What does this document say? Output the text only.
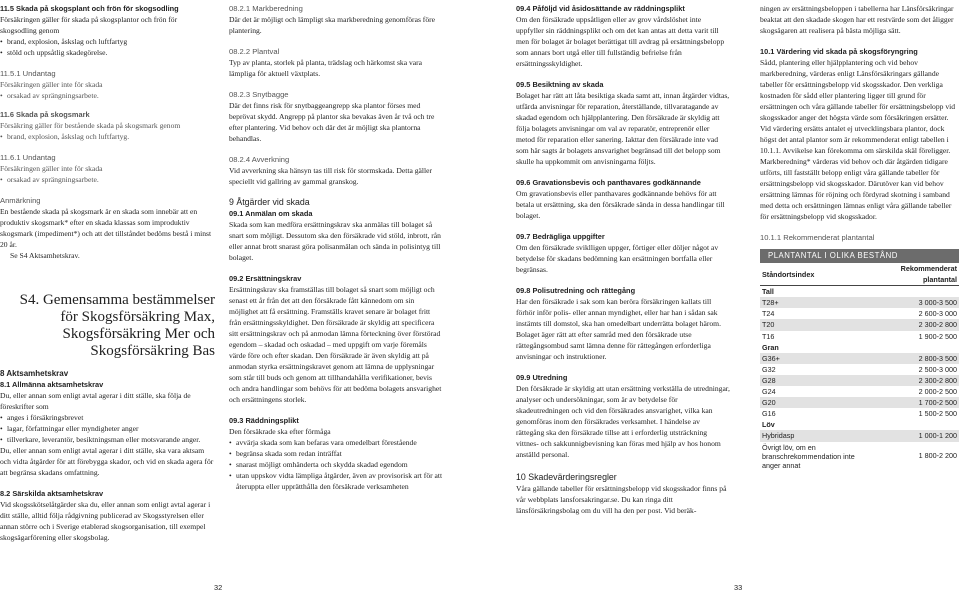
11.5 Skada på skogsplant och frön för skogsodling

Försäkringen gäller för skada på skogsplantor och frön för skogsodling genom

• brand, explosion, åskslag och luftfartyg
• stöld och uppsåtlig skadegörelse.
11.5.1 Undantag

Försäkringen gäller inte för skada

• orsakad av sprängningsarbete.
11.6 Skada på skogsmark

Försäkring gäller för bestående skada på skogsmark genom

• brand, explosion, åskslag och luftfartyg.
11.6.1 Undantag

Försäkringen gäller inte för skada

• orsakad av sprängningsarbete.
Anmärkning

En bestående skada på skogsmark är en skada som innebär att en produktiv skogsmark* efter en skada klassas som improduktiv skogsmark (impediment*) och att det tillståndet bedöms bestå i minst 20 år.

Se S4 Aktsamhetskrav.

S4. Gemensamma bestämmelser för Skogsförsäkring Max, Skogsförsäkring Mer och Skogsförsäkring Bas
8 Aktsamhetskrav
8.1 Allmänna aktsamhetskrav

Du, eller annan som enligt avtal agerar i ditt ställe, ska följa de föreskrifter som

• anges i försäkringsbrevet
• lagar, författningar eller myndigheter anger
• tillverkare, leverantör, besiktningsman eller motsvarande anger.

Du, eller annan som enligt avtal agerar i ditt ställe, ska vara aktsam och vidta åtgärder för att förebygga skador, och vid en skada agera för att begränsa skadans omfattning.

8.2 Särskilda aktsamhetskrav

Vid skogsskötselåtgärder ska du, eller annan som enligt avtal agerar i ditt ställe, alltid följa rådgivning publicerad av Skogsstyrelsen eller annan större och i Sverige etablerad skogsorganisation, till exempel skogsägarförening eller skogsbolag.

08.2.1 Markberedning

Där det är möjligt och lämpligt ska markberedning genomföras före plantering.

08.2.2 Plantval

Typ av planta, storlek på planta, trädslag och härkomst ska vara lämpliga för aktuell växtplats.

08.2.3 Snytbagge

Där det finns risk för snytbaggeangrepp ska plantor förses med beprövat skydd. Angrepp på plantor ska bevakas även år två och tre efter plantering. Vid behov och där det är möjligt ska plantorna behandlas.

08.2.4 Avverkning

Vid avverkning ska hänsyn tas till risk för stormskada. Detta gäller speciellt vid gallring av gammal granskog.

9 Åtgärder vid skada
09.1 Anmälan om skada

Skada som kan medföra ersättningskrav ska anmälas till bolaget så snart som möjligt. Dessutom ska den försäkrade vid stöld, inbrott, rån eller annat brott snarast göra polisanmälan och sända in polisintyg till bolaget.

09.2 Ersättningskrav

Ersättningskrav ska framställas till bolaget så snart som möjligt och senast ett år från det att den försäkrade fått kännedom om sin möjlighet att få ersättning. Framställs kravet senare är bolaget fritt från ersättningsskyldighet. Den försäkrade är skyldig att specificera sitt ersättningskrav och på anmodan lämna förteckning över förstörad egendom – skadad och oskadad – med uppgift om varje föremåls värde före och efter skadan. Den försäkrade är även skyldig att på anmodan styrka ersättningskravet genom att lämna de upplysningar som står till buds och genom att tillhandahålla verifikationer, bevis och andra handlingar som behövs för att bedöma bolagets ansvarighet och ersättningens storlek.

09.3 Räddningsplikt

Den försäkrade ska efter förmåga

• avvärja skada som kan befaras vara omedelbart förestående
• begränsa skada som redan inträffat
• snarast möjligt omhänderta och skydda skadad egendom
• utan uppskov vidta lämpliga åtgärder, även av provisorisk art för att återuppta eller upprätthålla den försäkrade verksamheten
09.4 Påföljd vid åsidosättande av räddningsplikt

Om den försäkrade uppsåtligen eller av grov vårdslöshet inte uppfyller sin räddningsplikt och om det kan antas att detta varit till men för bolaget är bolaget berättigat till avdrag på ersättningsbelopp som annars bort utgå eller till fullständig befrielse från ersättningsskyldighet.

09.5 Besiktning av skada

Bolaget har rätt att låta besiktiga skada samt att, innan åtgärder vidtas, utfärda anvisningar för reparation, återställande, tillvaratagande av skadad egendom och hjälpplantering. Den försäkrade är skyldig att följa bolagets anvisningar om val av reparatör, entreprenör eller metod för reparation eller sanering. Iakttar den försäkrade inte vad som här sagts är bolagets ansvarighet begränsad till det belopp som skulle ha uppkommit om anvisningarna följts.

09.6 Gravationsbevis och panthavares godkännande

Om gravationsbevis eller panthavares godkännande behövs för att betala ut ersättning, ska den försäkrade sända in dessa handlingar till bolaget.

09.7 Bedrägliga uppgifter

Om den försäkrade sviklligen uppger, förtiger eller döljer något av betydelse för skadans bedömning kan ersättningen bortfalla eller begränsas.

09.8 Polisutredning och rättegång

Har den försäkrade i sak som kan beröra försäkringen kallats till förhör inför polis- eller annan myndighet, eller har han i sådan sak instämts till domstol, ska han omedelbart underrätta bolaget härom. Bolaget äger rätt att efter samråd med den försäkrade utse rättegångsombud samt lämna denne för rättegången erforderliga anvisningar och instruktioner.

09.9 Utredning

Den försäkrade är skyldig att utan ersättning verkställa de utredningar, analyser och undersökningar, som är av betydelse för skadeutredningen och vid den försäkrades ansvarighet, vilka kan genomföras inom den försäkrades verksamhet. I händelse av rättegång ska den försäkrade tillse att i erforderlig utsträckning vittnes- och sakkunnigbevisning kan föras med hjälp av hos honom anställd personal.

10 Skadevärderingsregler

Våra gällande tabeller för ersättningsbelopp vid skogsskador finns på vår webbplats lansforsakringar.se. Du kan ringa ditt länsförsäkringsbolag om du vill ha den per post. Vid beräk-

ningen av ersättningsbeloppen i tabellerna har Länsförsäkringar beaktat att den skadade skogen har ett restvärde som det åligger skogsägaren att realisera på bästa möjliga sätt.

10.1 Värdering vid skada på skogsföryngring

Sådd, plantering eller hjälpplantering och vid behov markberedning, värderas enligt Länsförsäkringars gällande tabeller för ersättningsbelopp vid skogsskador. Den verkliga kostnaden för sådd eller plantering ligger till grund för ersättningen och våra gällande tabeller för ersättningsbelopp vid skogsskador anger det högsta värde som försäkringen ersätter. Vid värdering ersätts antalet ej utvecklingsbara plantor, dock högst det antal plantor som är rekommenderat enligt tabellen i 10.1.1. Avvikelse kan förekomma om särskilda skäl föreligger. Markberedning* värderas vid behov och där åtgärden tidigare utförts, till fastställt belopp enligt våra gällande tabeller för ersättningsbelopp vid skogsskador. Därutöver kan vid behov ersättning lämnas för röjning och fördyrad skotning i samband med detta och ersättningen lämnas enligt våra gällande tabeller för ersättningsbelopp vid skogsskador.

10.1.1 Rekommenderat plantantal
PLANTANTAL I OLIKA BESTÅND
Ståndortsindex	Rekommenderat plantantal
Tall	
T28+	3 000-3 500
T24	2 600-3 000
T20	2 300-2 800
T16	1 900-2 500
Gran	
G36+	2 800-3 500
G32	2 500-3 000
G28	2 300-2 800
G24	2 000-2 500
G20	1 700-2 500
G16	1 500-2 500
Löv	
Hybridasp	1 000-1 200
Övrigt löv, om en branschrekommendation inte anger annat	1 800-2 200
32	33
